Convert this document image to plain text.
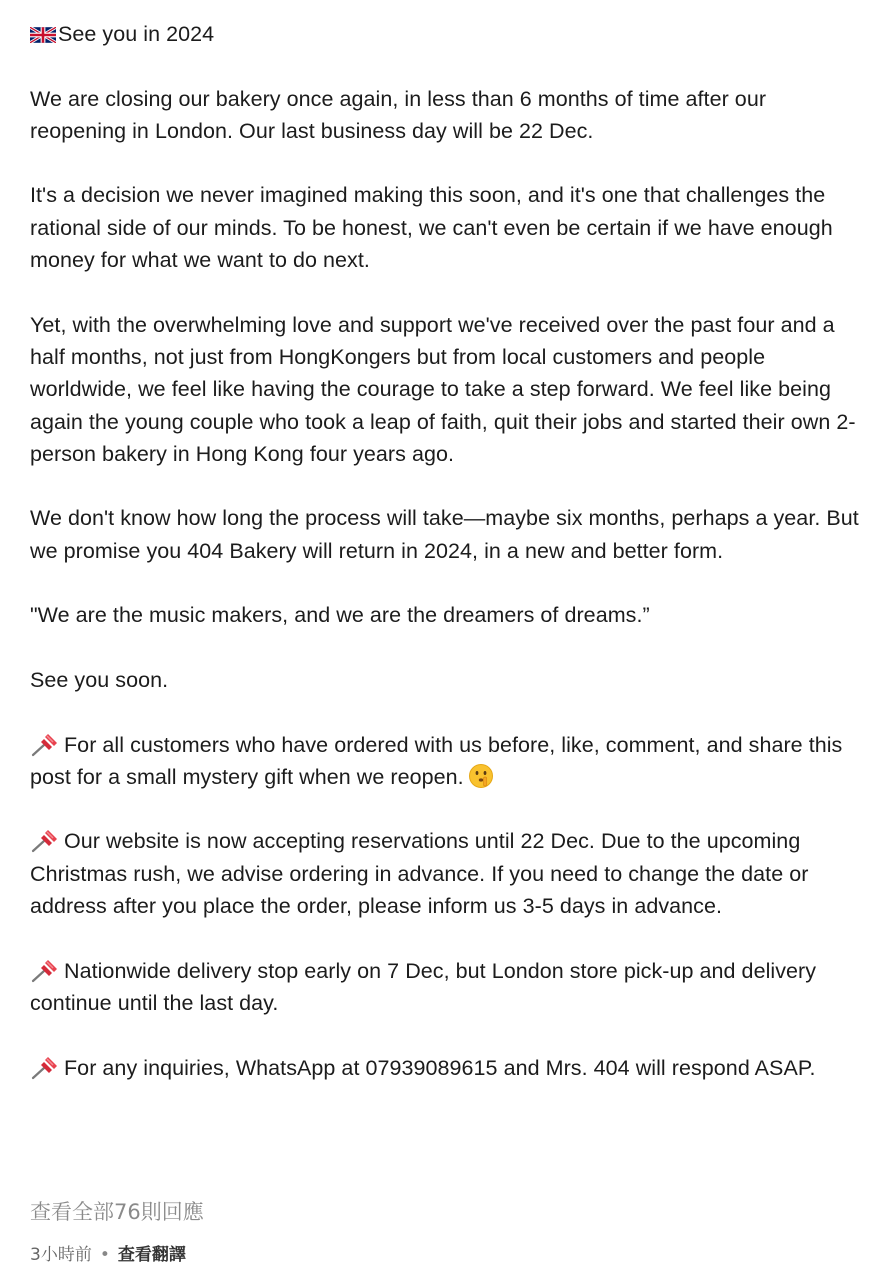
See you in 2024

We are closing our bakery once again, in less than 6 months of time after our reopening in London. Our last business day will be 22 Dec.

It's a decision we never imagined making this soon, and it's one that challenges the rational side of our minds. To be honest, we can't even be certain if we have enough money for what we want to do next.

Yet, with the overwhelming love and support we've received over the past four and a half months, not just from HongKongers but from local customers and people worldwide, we feel like having the courage to take a step forward. We feel like being again the young couple who took a leap of faith, quit their jobs and started their own 2-person bakery in Hong Kong four years ago.

We don't know how long the process will take—maybe six months, perhaps a year. But we promise you 404 Bakery will return in 2024, in a new and better form.

"We are the music makers, and we are the dreamers of dreams.”

See you soon.

For all customers who have ordered with us before, like, comment, and share this post for a small mystery gift when we reopen.

Our website is now accepting reservations until 22 Dec. Due to the upcoming Christmas rush, we advise ordering in advance. If you need to change the date or address after you place the order, please inform us 3-5 days in advance.

Nationwide delivery stop early on 7 Dec, but London store pick-up and delivery continue until the last day.

For any inquiries, WhatsApp at 07939089615 and Mrs. 404 will respond ASAP.

查看全部76則回應
3小時前 • 查看翻譯
